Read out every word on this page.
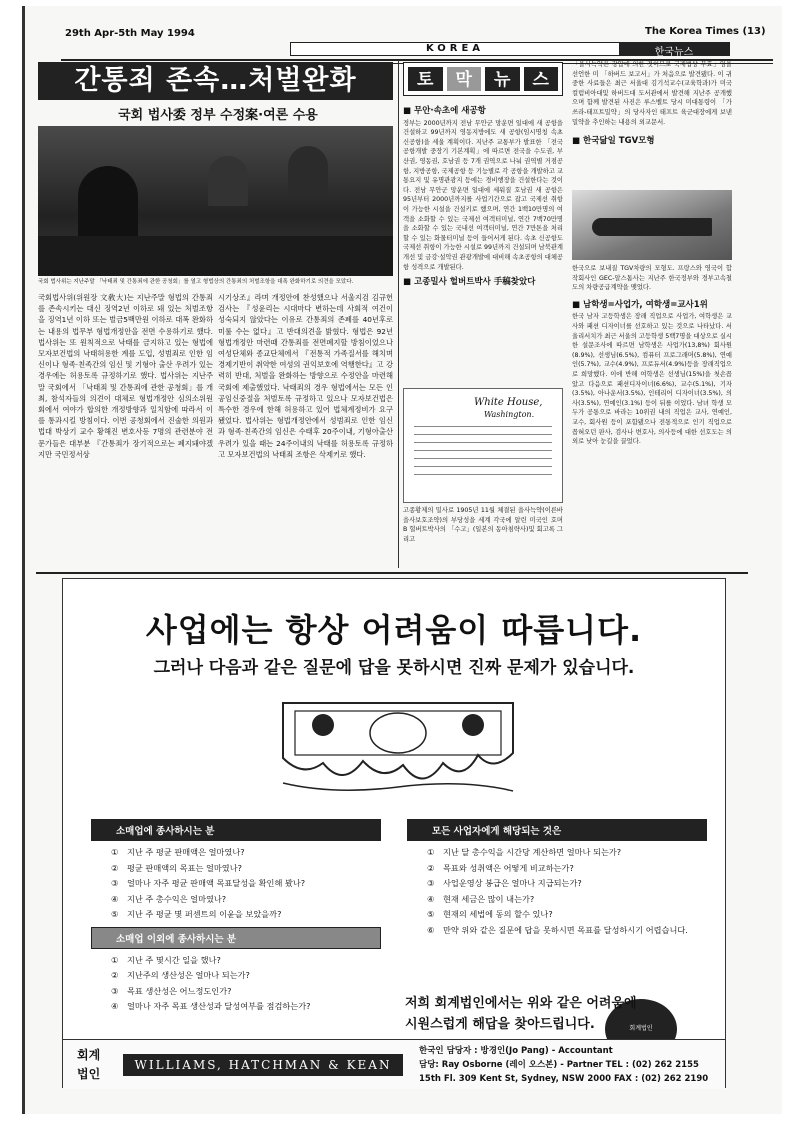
29th Apr-5th May 1994	The Korea Times (13)
KOREA	한국뉴스
간통죄 존속…처벌완화
국회 법사委 정부 수정案·여론 수용
국회 법사위는 지난주말 「낙태죄 및 간통죄에 관한 공청회」를 열고 형법상의 간통죄의 처벌조항을 대폭 완화하기로 의견을 모았다.
국회법사위(위원장 文敎大)는 지난주말 형법의 간통죄를 존속시키는 대신 징역2년 이하로 돼 있는 처벌조항을 징역1년 이하 또는 벌금5백만원 이하로 대폭 완화하는 내용의 법무부 형법개정안을 전면 수용하기로 했다. 법사위는 또 원칙적으로 낙태를 금지하고 있는 형법에 모자보건법의 낙태허용한 계를 도입, 성범죄로 인한 임신이나 형족·친족간의 임신 및 기형아 출산 우려가 있는 경우에는 허용토록 규정하기로 했다. 법사위는 지난주말 국회에서 「낙태죄 및 간통죄에 관한 공청회」를 개최, 참석자들의 의견이 대체로 형법개정안 심의소위원회에서 여야가 합의한 개정방향과 일치함에 따라서 이를 통과시킬 방침이다. 이번 공청회에서 진술한 의원과 법대 박상기 교수 황해진 변호사등 7명의 관련분야 전문가들은 대부분 『간통죄가 장기적으로는 폐지돼야겠지만 국민정서상
시기상조』라며 개정안에 찬성했으나 서울지검 김규헌 검사는 『성윤리는 시대마다 변하는데 사회적 여건이 성숙되지 않았다는 이유로 간통죄의 존폐를 40년후로 미룰 수는 없다』고 반대의견을 밝혔다. 형법은 92년 형법개정안 마련때 간통죄를 전면폐지할 방침이었으나 여성단체와 종교단체에서 『전통적 가족질서를 해치며 경제기반이 취약한 여성의 권익보호에 역행한다』고 강력히 반대, 처벌을 완화하는 방향으로 수정안을 마련해 국회에 제출했었다. 낙태죄의 경우 형법에서는 모든 인공임신중절을 처벌토록 규정하고 있으나 모자보건법은 특수한 경우에 한해 허용하고 있어 법체계정비가 요구됐었다. 법사위는 형법개정안에서 성범죄로 인한 임신과 형족·친족간의 임신은 수태후 20주이내, 기형아출산 우려가 있을 때는 24주이내의 낙태를 허용토록 규정하고 모자보건법의 낙태죄 조항은 삭제키로 했다.
토	막	뉴	스
■ 무안·속초에 새공항
정부는 2000년까지 전남 무안군 망운면 일대에 새 공항을 건설하고 99년까지 영동지방에도 새 공항(임시명칭 속초신공항)을 세울 계획이다. 지난주 교통부가 발표한 「전국 공항개발 중장기 기본계획」에 따르면 전국을 수도권, 부산권, 영동권, 호남권 등 7개 권역으로 나눠 권역별 거점공항, 지방공항, 국제공항 등 기능별로 각 공항을 개발하고 교통요지 및 유명관광지 등에는 경비행장을 건설한다는 것이다. 전남 무안군 망운면 일대에 세워질 호남권 새 공항은 95년부터 2000년까지를 사업기간으로 잡고 국제선 취항이 가능한 시설을 건설키로 했으며, 연간 1백10만명의 여객을 소화할 수 있는 국제선 여객터미널, 연간 7백70만명을 소화할 수 있는 국내선 여객터미널, 연간 7만톤을 처리할 수 있는 화물터미널 등이 들어서게 된다. 속초 신공항도 국제선 취항이 가능한 시설로 99년까지 건설되며 남북관계개선 및 금강·설악권 관광개발에 대비해 속초공항의 대체공항 성격으로 개발된다.
■ 고종밀사 헐버트박사 手稿찾았다
White House,
Washington.
고종황제의 밀사로 1905년 11월 체결된 을사늑약(이른바 을사보호조약)의 부당성을 세계 각국에 알린 미국인 호머 B 헐버트박사의 「수고」(일본의 동아침략사)및 회고록 그리고
「을사늑약은 강압에 의한 것이므로 국제법상 무효」임을 선언한 미 「하버드 보고서」가 처음으로 발견됐다. 이 귀중한 사료들은 최근 서울대 김기석교수(교육학과)가 미국 컬럼비아대및 하버드대 도서관에서 발견해 지난주 공개했으며 함께 발견된 사진은 루스벨트 당시 미대통령이 「가쓰라-태프트밀약」의 당사자인 태프트 육군대장에게 보낸 밀약을 추인하는 내용의 외교문서.
■ 한국닮일 TGV모형
한국으로 보내질 TGV차량의 모형도. 프랑스와 영국이 합작회사인 GEC-알스톰사는 지난주 한국정부와 경부고속철도의 차량공급계약을 맺었다.
■ 남학생=사업가, 여학생=교사1위
한국 남자 고등학생은 장래 직업으로 사업가, 여학생은 교사와 패션 디자이너를 선호하고 있는 것으로 나타났다. 서울리서치가 최근 서울의 고등학생 5백7명을 대상으로 실시한 설문조사에 따르면 남학생은 사업가(13,8%) 회사원(8.9%), 선생님(6.5%), 컴퓨터 프로그래머(5.8%), 연예인(5.7%), 교수(4.9%), 프로듀서(4.9%)등을 장래직업으로 희망했다. 이에 반해 여학생은 선생님(15%)을 첫손꼽았고 다음으로 패션디자이너(6.6%), 교수(5.1%), 기자(3.5%), 아나운서(3.5%), 인테리어 디자이너(3.5%), 의사(3.5%), 연예인(3.1%) 등이 뒤를 이었다. 남녀 학생 모두가 공통으로 바라는 10위권 내의 직업은 교사, 연예인, 교수, 회사원 등이 포함됐으나 전통적으로 인기 직업으로 꼽혀오던 판사, 검사나 변호사, 의사등에 대한 선호도는 의외로 낮아 눈길을 끌었다.
사업에는 항상 어려움이 따릅니다.
그러나 다음과 같은 질문에 답을 못하시면 진짜 문제가 있습니다.
소매업에 종사하시는 분
① 지난 주 평균 판매액은 얼마였나?
② 평균 판매액의 목표는 얼마였나?
③ 얼마나 자주 평균 판매액 목표달성을 확인해 봤나?
④ 지난 주 총수익은 얼마였나?
⑤ 지난 주 평균 몇 퍼센트의 이윤을 보았을까?
소매업 이외에 종사하시는 분
① 지난 주 몇시간 일을 했나?
② 지난주의 생산성은 얼마나 되는가?
③ 목표 생산성은 어느정도인가?
④ 얼마나 자주 목표 생산성과 달성여부를 점검하는가?
모든 사업자에게 해당되는 것은
① 지난 달 총수익을 시간당 계산하면 얼마나 되는가?
② 목표와 성취액은 어떻게 비교하는가?
③ 사업운영상 봉급은 얼마나 지급되는가?
④ 현재 세금은 많이 내는가?
⑤ 현재의 세법에 동의 할수 있나?
⑥ 만약 위와 같은 질문에 답을 못하시면 목표를 달성하시기 어렵습니다.
회계법인
저희 회계법인에서는 위와 같은 어려움에
시원스럽게 해답을 찾아드립니다.
회계 법인
WILLIAMS, HATCHMAN & KEAN
한국인 담당자 : 방경인(Jo Pang) - Accountant
담당: Ray Osborne (레이 오스본) - Partner TEL : (02) 262 2155
15th Fl. 309 Kent St, Sydney, NSW 2000 FAX : (02) 262 2190
